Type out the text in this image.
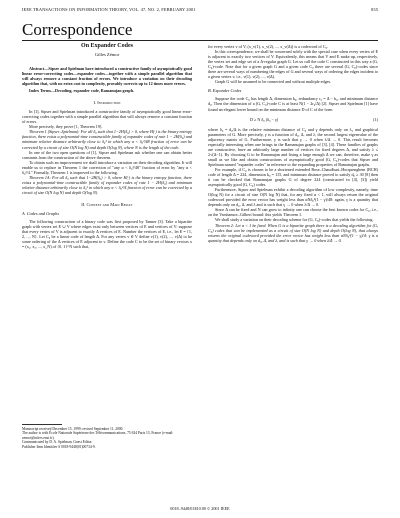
IEEE TRANSACTIONS ON INFORMATION THEORY, VOL. 47, NO. 2, FEBRUARY 2001	835
Correspondence

On Expander Codes

Gilles Zémor

Abstract—Sipser and Spielman have introduced a constructive family of asymptotically good linear error-correcting codes—expander codes—together with a simple parallel algorithm that will always remove a constant fraction of errors. We introduce a variation on their decoding algorithm that, with no extra cost in complexity, provably corrects up to 12 times more errors.

Index Terms—Decoding, expander code, Ramanujan graph.

I. Introduction

In [1], Sipser and Spielman introduced a constructive family of asymptotically good linear error-correcting codes together with a simple parallel algorithm that will always remove a constant fraction of errors.

More precisely, they prove [1, Theorem 19].

Theorem 1 (Sipser–Spielman): For all δ₀ such that 1−2H(δ₀) > 0, where H(·) is the binary entropy function, there exists a polynomial-time constructible family of expander codes of rate 1 − 2H(δ₀) and minimum relative distance arbitrarily close to δ₀² in which any α < δ₀²/48 fraction of error can be corrected by a circuit of size O(N log N) and depth O(log N), where N is the length of the code.

In one of the two open questions of [1], Sipser and Spielman ask whether one can obtain better constants from the construction of the above theorem.

To obtain such an improvement we shall introduce a variation on their decoding algorithm. It will enable us to replace in Theorem 1 the correction of "any α < δ₀²/48" fraction of error by "any α < δ₀²/4." Formally, Theorem 1 is improved to the following.

Theorem 1A: For all δ₀ such that 1−2H(δ₀) > 0, where H(·) is the binary entropy function, there exists a polynomial-time constructible family of expander codes of rate 1 − 2H(δ₀) and minimum relative distance arbitrarily close to δ₀² in which any α < δ₀²/4 fraction of error can be corrected by a circuit of size O(N log N) and depth O(log N).

II. Context and Main Result

A. Codes and Graphs

The following construction of a binary code was first proposed by Tanner [3]. Take a bipartite graph with vertex set E ∪ V where edges exist only between vertices of E and vertices of V: suppose that every vertex of V is adjacent to exactly Δ vertices of E. Number the vertices of E, i.e., let E = {1, 2, ..., N}. Let C₀ be a linear code of length Δ. For any vertex v ∈ V define v(1), v(2), ..., v(Δ) to be some ordering of the Δ vertices of E adjacent to v. Define the code C to be the set of binary vectors x = (x₁, x₂, ..., x_N) of {0, 1}^N such that,

Manuscript received December 15, 1999; revised September 11, 2000.
The author is with École Nationale Supérieure des Télécommunications, 75 634 Paris 13, France (e-mail: zemor@infres.enst.fr).
Communicated by D. A. Spielman, Guest Editor.
Publisher Item Identifier S 0018-9448(01)00734-9.

for every vertex v of V, (x_v(1), x_v(2), ..., x_v(Δ)) is a codeword of C₀.

In this correspondence, we shall be concerned solely with the special case when every vertex of E is adjacent to exactly two vertices of V. Equivalently, this means that V and E make up, respectively, the vertex set and edge set of a Δ-regular graph G. Let us call the code C constructed in this way a (G, C₀)-code. Note that for a given graph G and a given code C₀ there are several (G, C₀)-codes since there are several ways of numbering the edges of G and several ways of ordering the edges incident to a given vertex v, i.e., v(1), v(2), ..., v(Δ).

Graph G will be assumed to be connected and without multiple edges.

B. Expander Codes

Suppose the code C₀ has length Δ, dimension k₀, redundancy r₀ = Δ − k₀, and minimum distance d₀. Then the dimension of a (G, C₀)-code C is at least N(1 − 2r₀/Δ) [2]. Sipser and Spielman [1] have found an elegant lower bound on the minimum distance D of C of the form

D ≥ N δ₀ (δ₀ − γ)	(1)

where δ₀ = d₀/Δ is the relative minimum distance of C₀ and γ depends only on λ₂ and graphical parameters of G. More precisely, γ is a function of d₀, Δ, and λ, the second largest eigenvalue of the adjacency matrix of G. Furthermore, γ is such that γ → 0 when λ/Δ → 0. This result becomes especially interesting when one brings in the Ramanujan graphs of [3], [4]. These families of graphs are constructive, have an arbitrarily large number of vertices for fixed degrees Δ, and satisfy λ ≤ 2√(Δ−1). By choosing G to be Ramanujan and fixing a large enough Δ we can, therefore, make γ as small as we like and obtain constructions of asymptotically good (G, C₀)-codes that Sipser and Spielman named "expander codes" in reference to the expanding properties of Ramanujan graphs.

For example, if C₀ is chosen to be a shortened extended Bose–Chaudhuri–Hocquenghem (BCH) code of length Δ = 224, dimension k₀ = 115, and minimum distance proved to satisfy d₀ ≥ 30 [8] then it can be checked that Ramanujan graphs G of degree 224 (constructed in [4], [3]) yield asymptotically good (G, C₀) codes.

Furthermore, Sipser and Spielman exhibit a decoding algorithm of low complexity, namely, time O(log N) for a circuit of size O(N log N) that, for any fixed α < 1, will always return the original codeword provided the error vector has weight less than αNδ₀²(1 − γ)/48: again, γ is a quantity that depends only on d₀, Δ, and λ and is such that γ → 0 when λ/Δ → 0.

Since Δ can be fixed and N can grow to infinity one can choose the best known codes for C₀, i.e., on the Varshamov–Gilbert bound: this yields Theorem 1.

We shall study a variation on their decoding scheme for (G, C₀)-codes that yields the following.

Theorem 2: Let α < 1 be fixed. When G is a bipartite graph there is a decoding algorithm for (G, C₀) codes that can be implemented as a circuit of size O(N log N) and depth O(log N), that always returns the original codeword provided the error vector has weight less than αNδ₀²(1 − γ)/4: γ is a quantity that depends only on d₀, Δ, and λ, and is such that γ → 0 when λ/Δ → 0.

0018–9448/01$10.00 © 2001 IEEE
